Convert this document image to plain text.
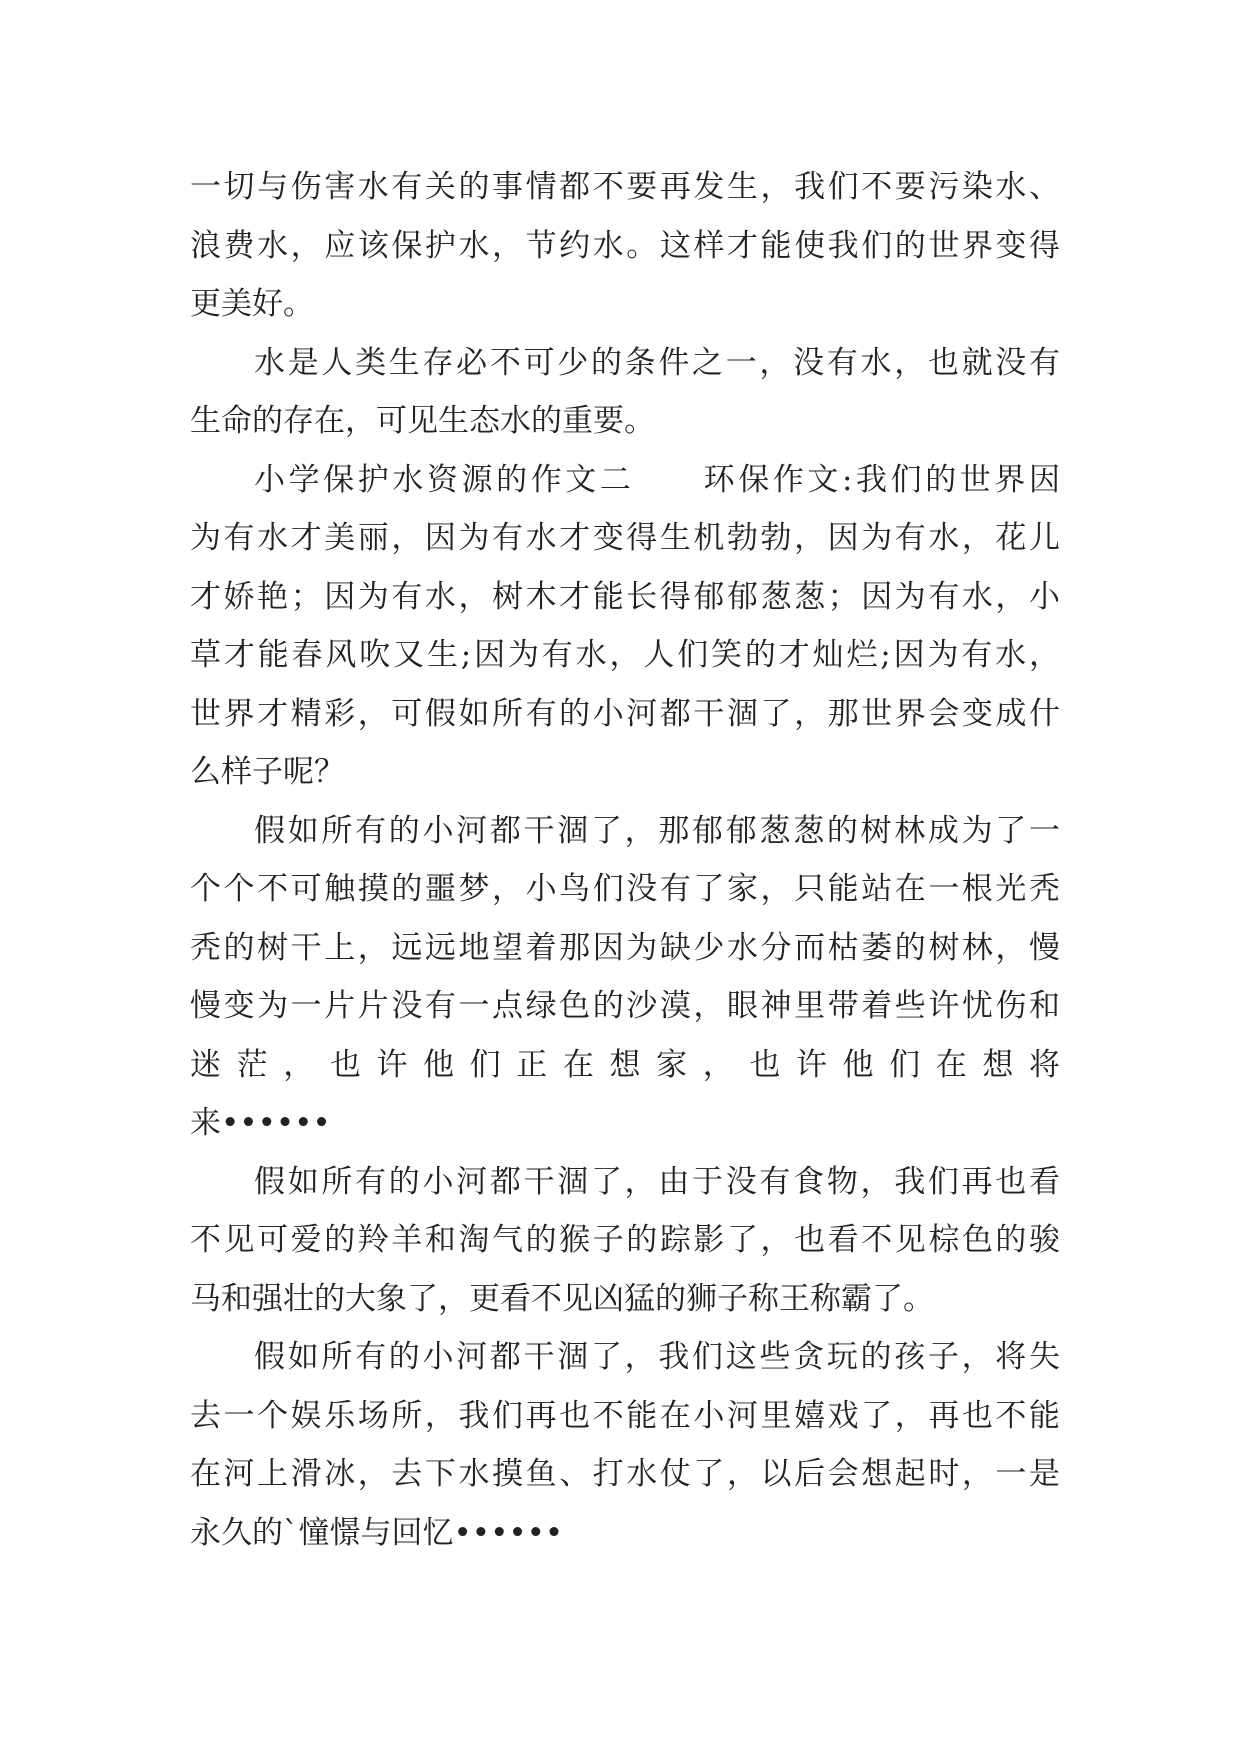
一切与伤害水有关的事情都不要再发生，我们不要污染水、
浪费水，应该保护水，节约水。这样才能使我们的世界变得
更美好。
水是人类生存必不可少的条件之一，没有水，也就没有
生命的存在，可见生态水的重要。
小学保护水资源的作文二　　环保作文:我们的世界因
为有水才美丽，因为有水才变得生机勃勃，因为有水，花儿
才娇艳；因为有水，树木才能长得郁郁葱葱；因为有水，小
草才能春风吹又生;因为有水，人们笑的才灿烂;因为有水，
世界才精彩，可假如所有的小河都干涸了，那世界会变成什
么样子呢？
假如所有的小河都干涸了，那郁郁葱葱的树林成为了一
个个不可触摸的噩梦，小鸟们没有了家，只能站在一根光秃
秃的树干上，远远地望着那因为缺少水分而枯萎的树林，慢
慢变为一片片没有一点绿色的沙漠，眼神里带着些许忧伤和
迷茫，也许他们正在想家，也许他们在想将
来••••••
假如所有的小河都干涸了，由于没有食物，我们再也看
不见可爱的羚羊和淘气的猴子的踪影了，也看不见棕色的骏
马和强壮的大象了，更看不见凶猛的狮子称王称霸了。
假如所有的小河都干涸了，我们这些贪玩的孩子，将失
去一个娱乐场所，我们再也不能在小河里嬉戏了，再也不能
在河上滑冰，去下水摸鱼、打水仗了，以后会想起时，一是
永久的`憧憬与回忆••••••
